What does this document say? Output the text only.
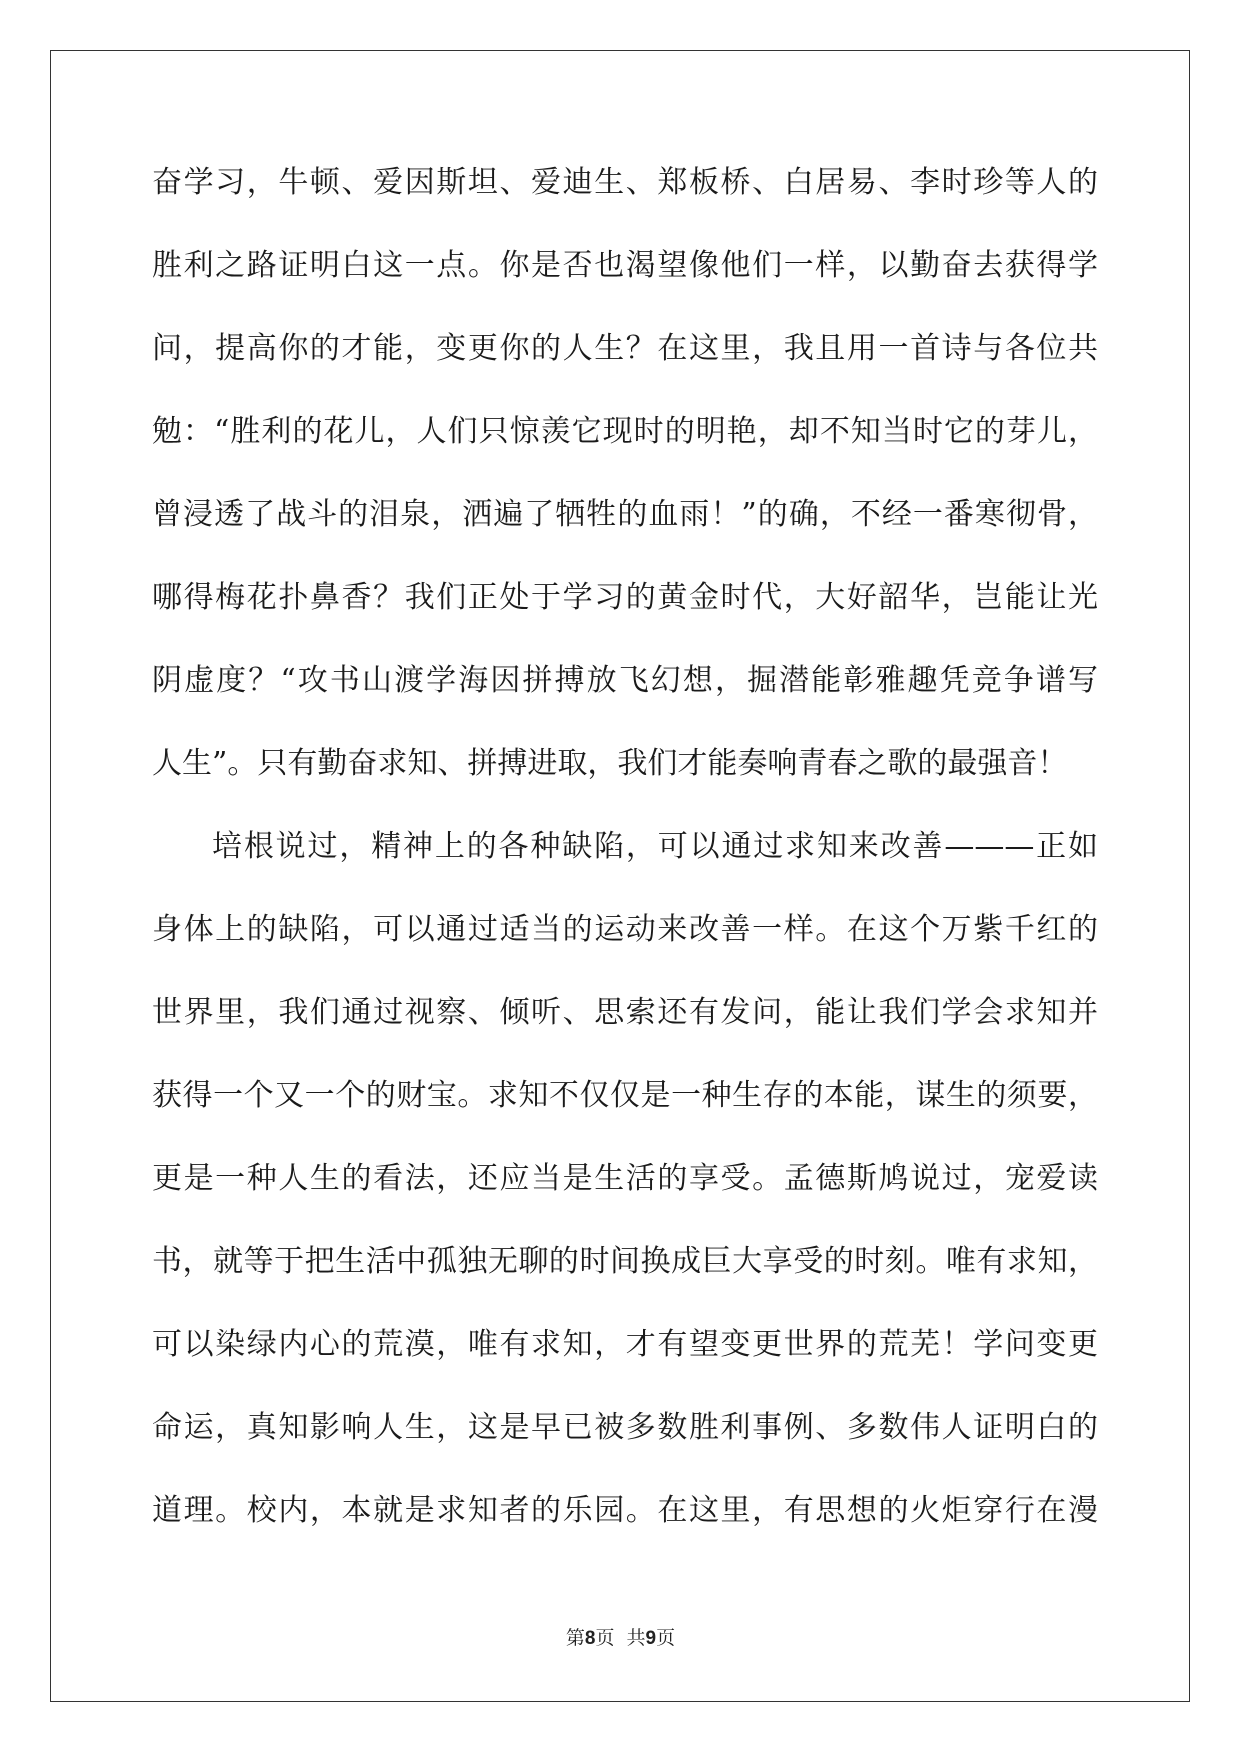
奋学习，牛顿、爱因斯坦、爱迪生、郑板桥、白居易、李时珍等人的
胜利之路证明白这一点。你是否也渴望像他们一样，以勤奋去获得学
问，提高你的才能，变更你的人生？在这里，我且用一首诗与各位共
勉：“胜利的花儿，人们只惊羡它现时的明艳，却不知当时它的芽儿，
曾浸透了战斗的泪泉，洒遍了牺牲的血雨！”的确，不经一番寒彻骨，
哪得梅花扑鼻香？我们正处于学习的黄金时代，大好韶华，岂能让光
阴虚度？“攻书山渡学海因拼搏放飞幻想，掘潜能彰雅趣凭竞争谱写
人生”。只有勤奋求知、拼搏进取，我们才能奏响青春之歌的最强音！
培根说过，精神上的各种缺陷，可以通过求知来改善———正如
身体上的缺陷，可以通过适当的运动来改善一样。在这个万紫千红的
世界里，我们通过视察、倾听、思索还有发问，能让我们学会求知并
获得一个又一个的财宝。求知不仅仅是一种生存的本能，谋生的须要，
更是一种人生的看法，还应当是生活的享受。孟德斯鸠说过，宠爱读
书，就等于把生活中孤独无聊的时间换成巨大享受的时刻。唯有求知，
可以染绿内心的荒漠，唯有求知，才有望变更世界的荒芜！学问变更
命运，真知影响人生，这是早已被多数胜利事例、多数伟人证明白的
道理。校内，本就是求知者的乐园。在这里，有思想的火炬穿行在漫
第8页  共9页
